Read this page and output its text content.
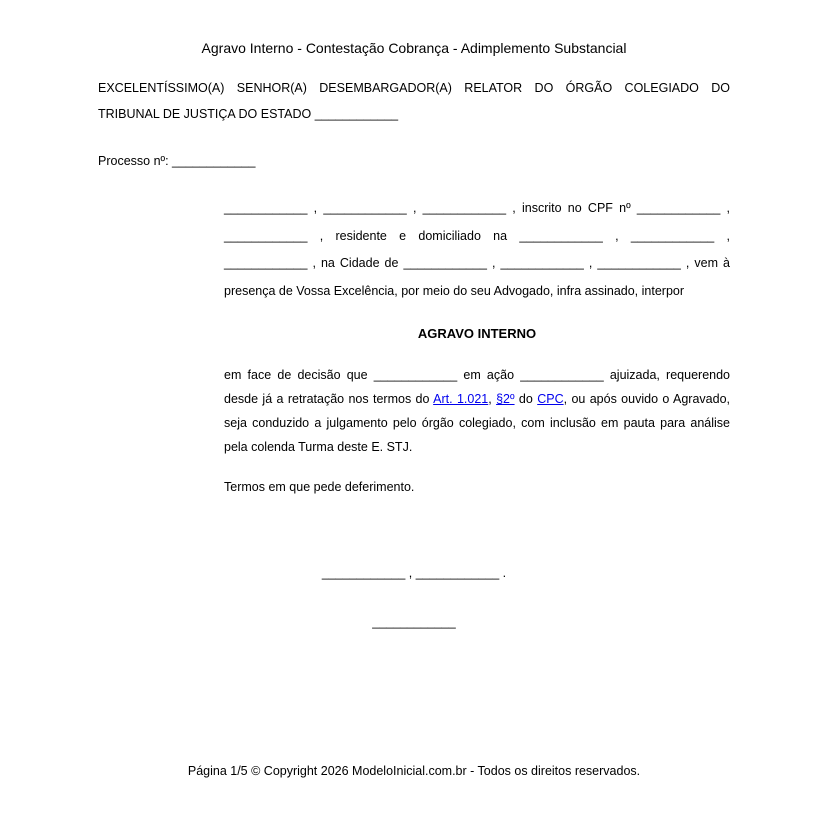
Agravo Interno - Contestação Cobrança - Adimplemento Substancial

EXCELENTÍSSIMO(A) SENHOR(A) DESEMBARGADOR(A) RELATOR DO ÓRGÃO COLEGIADO DO TRIBUNAL DE JUSTIÇA DO ESTADO ____________

Processo nº: ____________

____________ , ____________ , ____________ , inscrito no CPF nº ____________ , ____________ , residente e domiciliado na ____________ , ____________ , ____________ , na Cidade de ____________ , ____________ , ____________ , vem à presença de Vossa Excelência, por meio do seu Advogado, infra assinado, interpor

AGRAVO INTERNO

em face de decisão que ____________ em ação ____________ ajuizada, requerendo desde já a retratação nos termos do Art. 1.021, §2º do CPC, ou após ouvido o Agravado, seja conduzido a julgamento pelo órgão colegiado, com inclusão em pauta para análise pela colenda Turma deste E. STJ.

Termos em que pede deferimento.

____________ , ____________ .

____________

Página 1/5 © Copyright 2026 ModeloInicial.com.br - Todos os direitos reservados.
